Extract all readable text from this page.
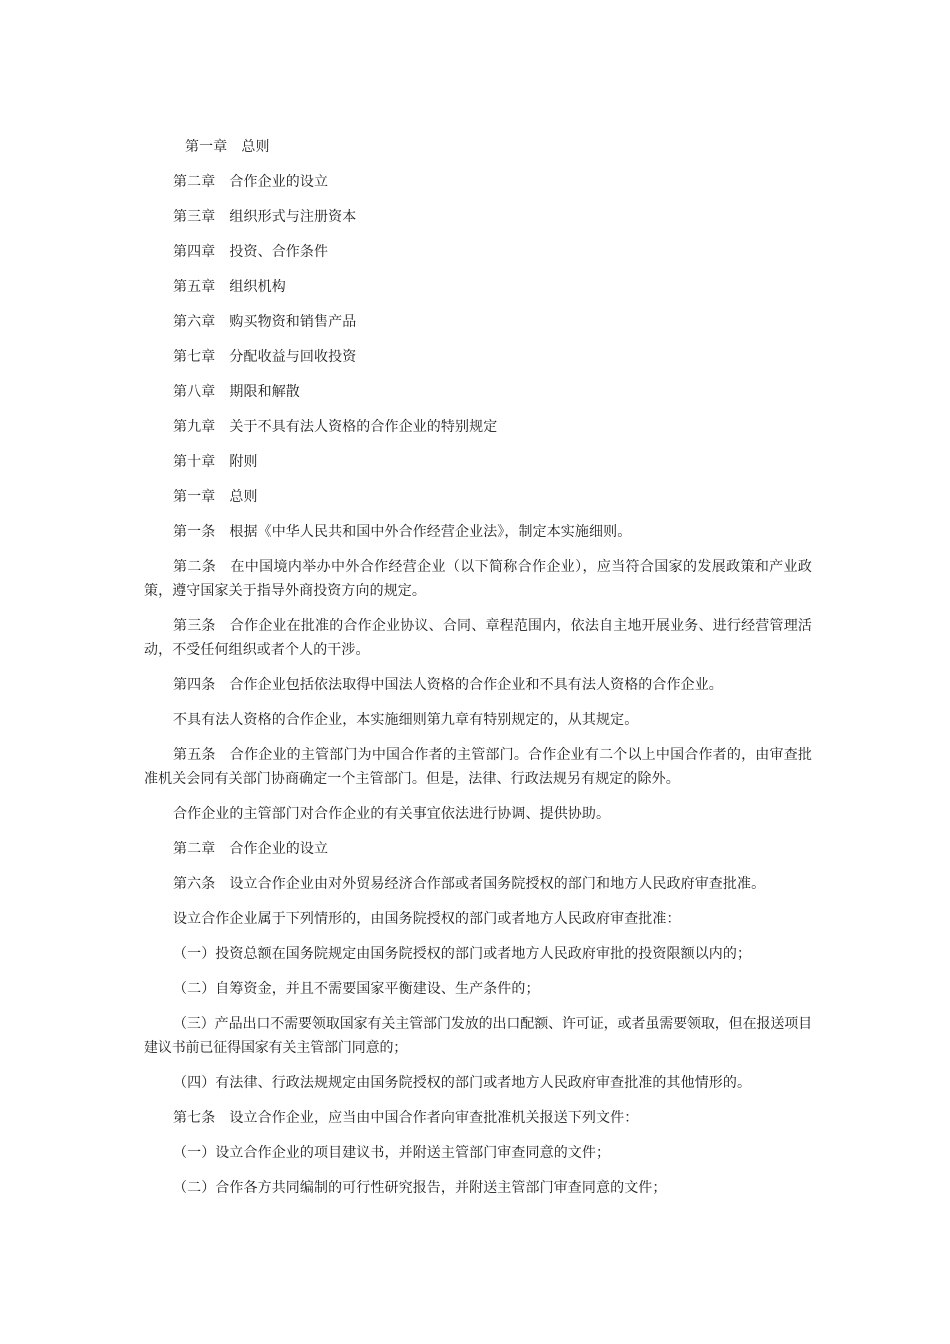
第一章　总则

第二章　合作企业的设立

第三章　组织形式与注册资本

第四章　投资、合作条件

第五章　组织机构

第六章　购买物资和销售产品

第七章　分配收益与回收投资

第八章　期限和解散

第九章　关于不具有法人资格的合作企业的特别规定

第十章　附则

第一章　总则

第一条　根据《中华人民共和国中外合作经营企业法》，制定本实施细则。

第二条　在中国境内举办中外合作经营企业（以下简称合作企业），应当符合国家的发展政策和产业政策，遵守国家关于指导外商投资方向的规定。

第三条　合作企业在批准的合作企业协议、合同、章程范围内，依法自主地开展业务、进行经营管理活动，不受任何组织或者个人的干涉。

第四条　合作企业包括依法取得中国法人资格的合作企业和不具有法人资格的合作企业。

不具有法人资格的合作企业，本实施细则第九章有特别规定的，从其规定。

第五条　合作企业的主管部门为中国合作者的主管部门。合作企业有二个以上中国合作者的，由审查批准机关会同有关部门协商确定一个主管部门。但是，法律、行政法规另有规定的除外。

合作企业的主管部门对合作企业的有关事宜依法进行协调、提供协助。

第二章　合作企业的设立

第六条　设立合作企业由对外贸易经济合作部或者国务院授权的部门和地方人民政府审查批准。

设立合作企业属于下列情形的，由国务院授权的部门或者地方人民政府审查批准：

（一）投资总额在国务院规定由国务院授权的部门或者地方人民政府审批的投资限额以内的；

（二）自筹资金，并且不需要国家平衡建设、生产条件的；

（三）产品出口不需要领取国家有关主管部门发放的出口配额、许可证，或者虽需要领取，但在报送项目建议书前已征得国家有关主管部门同意的；

（四）有法律、行政法规规定由国务院授权的部门或者地方人民政府审查批准的其他情形的。

第七条　设立合作企业，应当由中国合作者向审查批准机关报送下列文件：

（一）设立合作企业的项目建议书，并附送主管部门审查同意的文件；

（二）合作各方共同编制的可行性研究报告，并附送主管部门审查同意的文件；
